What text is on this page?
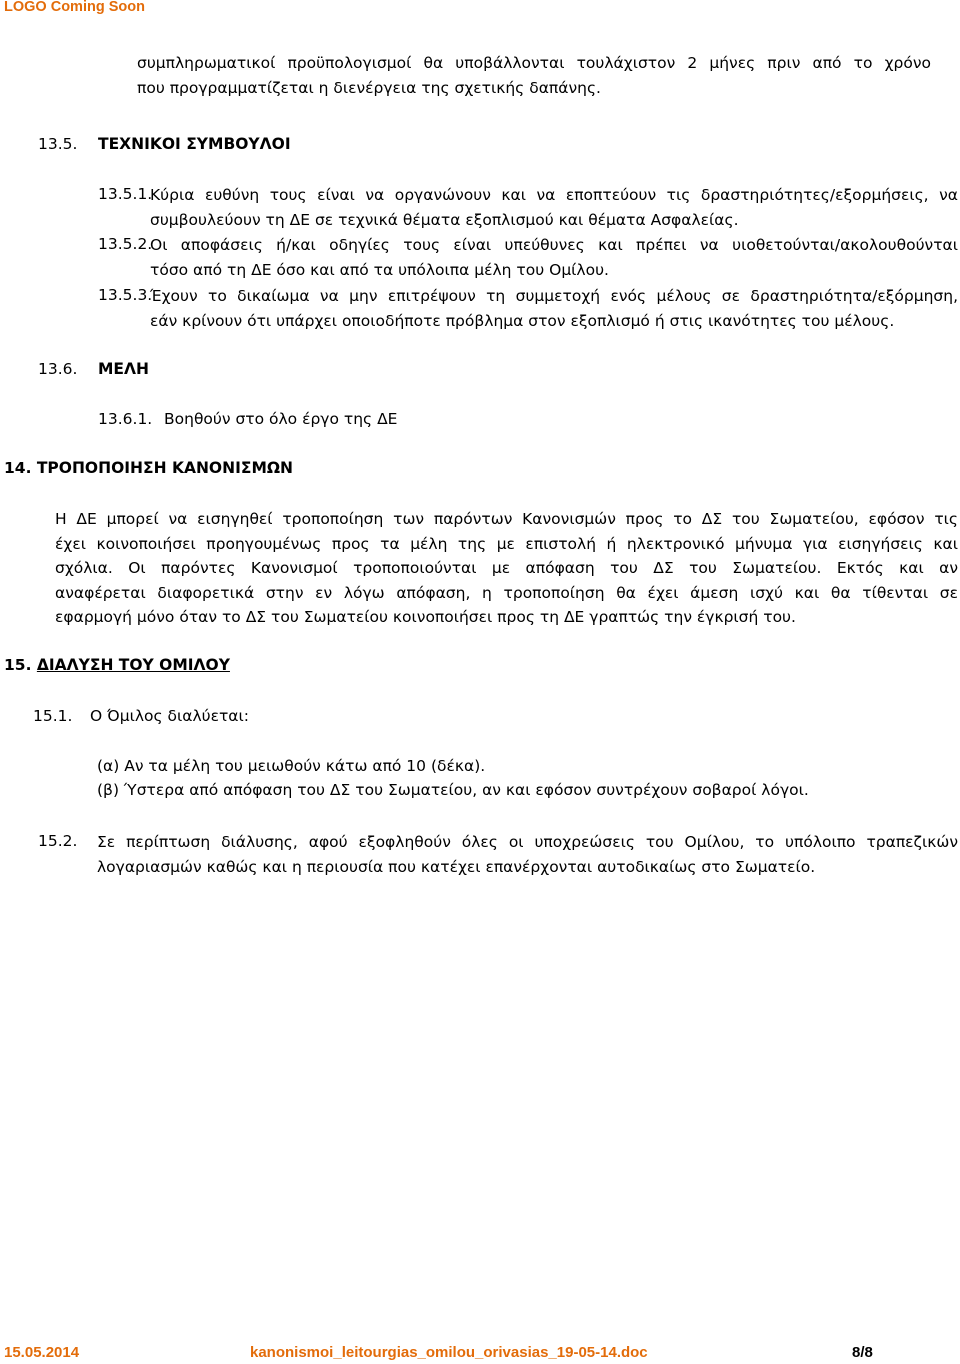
LOGO Coming Soon
συμπληρωματικοί προϋπολογισμοί θα υποβάλλονται τουλάχιστον 2 μήνες πριν από το χρόνο
που προγραμματίζεται η διενέργεια της σχετικής δαπάνης.
13.5. ΤΕΧΝΙΚΟΙ ΣΥΜΒΟΥΛΟΙ
13.5.1.
Κύρια ευθύνη τους είναι να οργανώνουν και να εποπτεύουν τις δραστηριότητες/εξορμήσεις, να
συμβουλεύουν τη ΔΕ σε τεχνικά θέματα εξοπλισμού και θέματα Ασφαλείας.
13.5.2.
Οι αποφάσεις ή/και οδηγίες τους είναι υπεύθυνες και πρέπει να υιοθετούνται/ακολουθούνται
τόσο από τη ΔΕ όσο και από τα υπόλοιπα μέλη του Ομίλου.
13.5.3.
Έχουν το δικαίωμα να μην επιτρέψουν τη συμμετοχή ενός μέλους σε δραστηριότητα/εξόρμηση,
εάν κρίνουν ότι υπάρχει οποιοδήποτε πρόβλημα στον εξοπλισμό ή στις ικανότητες του μέλους.
13.6. ΜΕΛΗ
13.6.1. Βοηθούν στο όλο έργο της ΔΕ
14. ΤΡΟΠΟΠΟΙΗΣΗ ΚΑΝΟΝΙΣΜΩΝ
Η ΔΕ μπορεί να εισηγηθεί τροποποίηση των παρόντων Κανονισμών προς το ΔΣ του Σωματείου, εφόσον τις
έχει κοινοποιήσει προηγουμένως προς τα μέλη της με επιστολή ή ηλεκτρονικό μήνυμα για εισηγήσεις και
σχόλια. Οι παρόντες Κανονισμοί τροποποιούνται με απόφαση του ΔΣ του Σωματείου. Εκτός και αν
αναφέρεται διαφορετικά στην εν λόγω απόφαση, η τροποποίηση θα έχει άμεση ισχύ και θα τίθενται σε
εφαρμογή μόνο όταν το ΔΣ του Σωματείου κοινοποιήσει προς τη ΔΕ γραπτώς την έγκρισή του.
15. ΔΙΑΛΥΣΗ ΤΟΥ ΟΜΙΛΟΥ
15.1. Ο Όμιλος διαλύεται:
(α) Αν τα μέλη του μειωθούν κάτω από 10 (δέκα).
(β) Ύστερα από απόφαση του ΔΣ του Σωματείου, αν και εφόσον συντρέχουν σοβαροί λόγοι.
15.2. Σε περίπτωση διάλυσης, αφού εξοφληθούν όλες οι υποχρεώσεις του Ομίλου, το υπόλοιπο τραπεζικών
λογαριασμών καθώς και η περιουσία που κατέχει επανέρχονται αυτοδικαίως στο Σωματείο.
15.05.2014	kanonismoi_leitourgias_omilou_orivasias_19-05-14.doc	8/8
